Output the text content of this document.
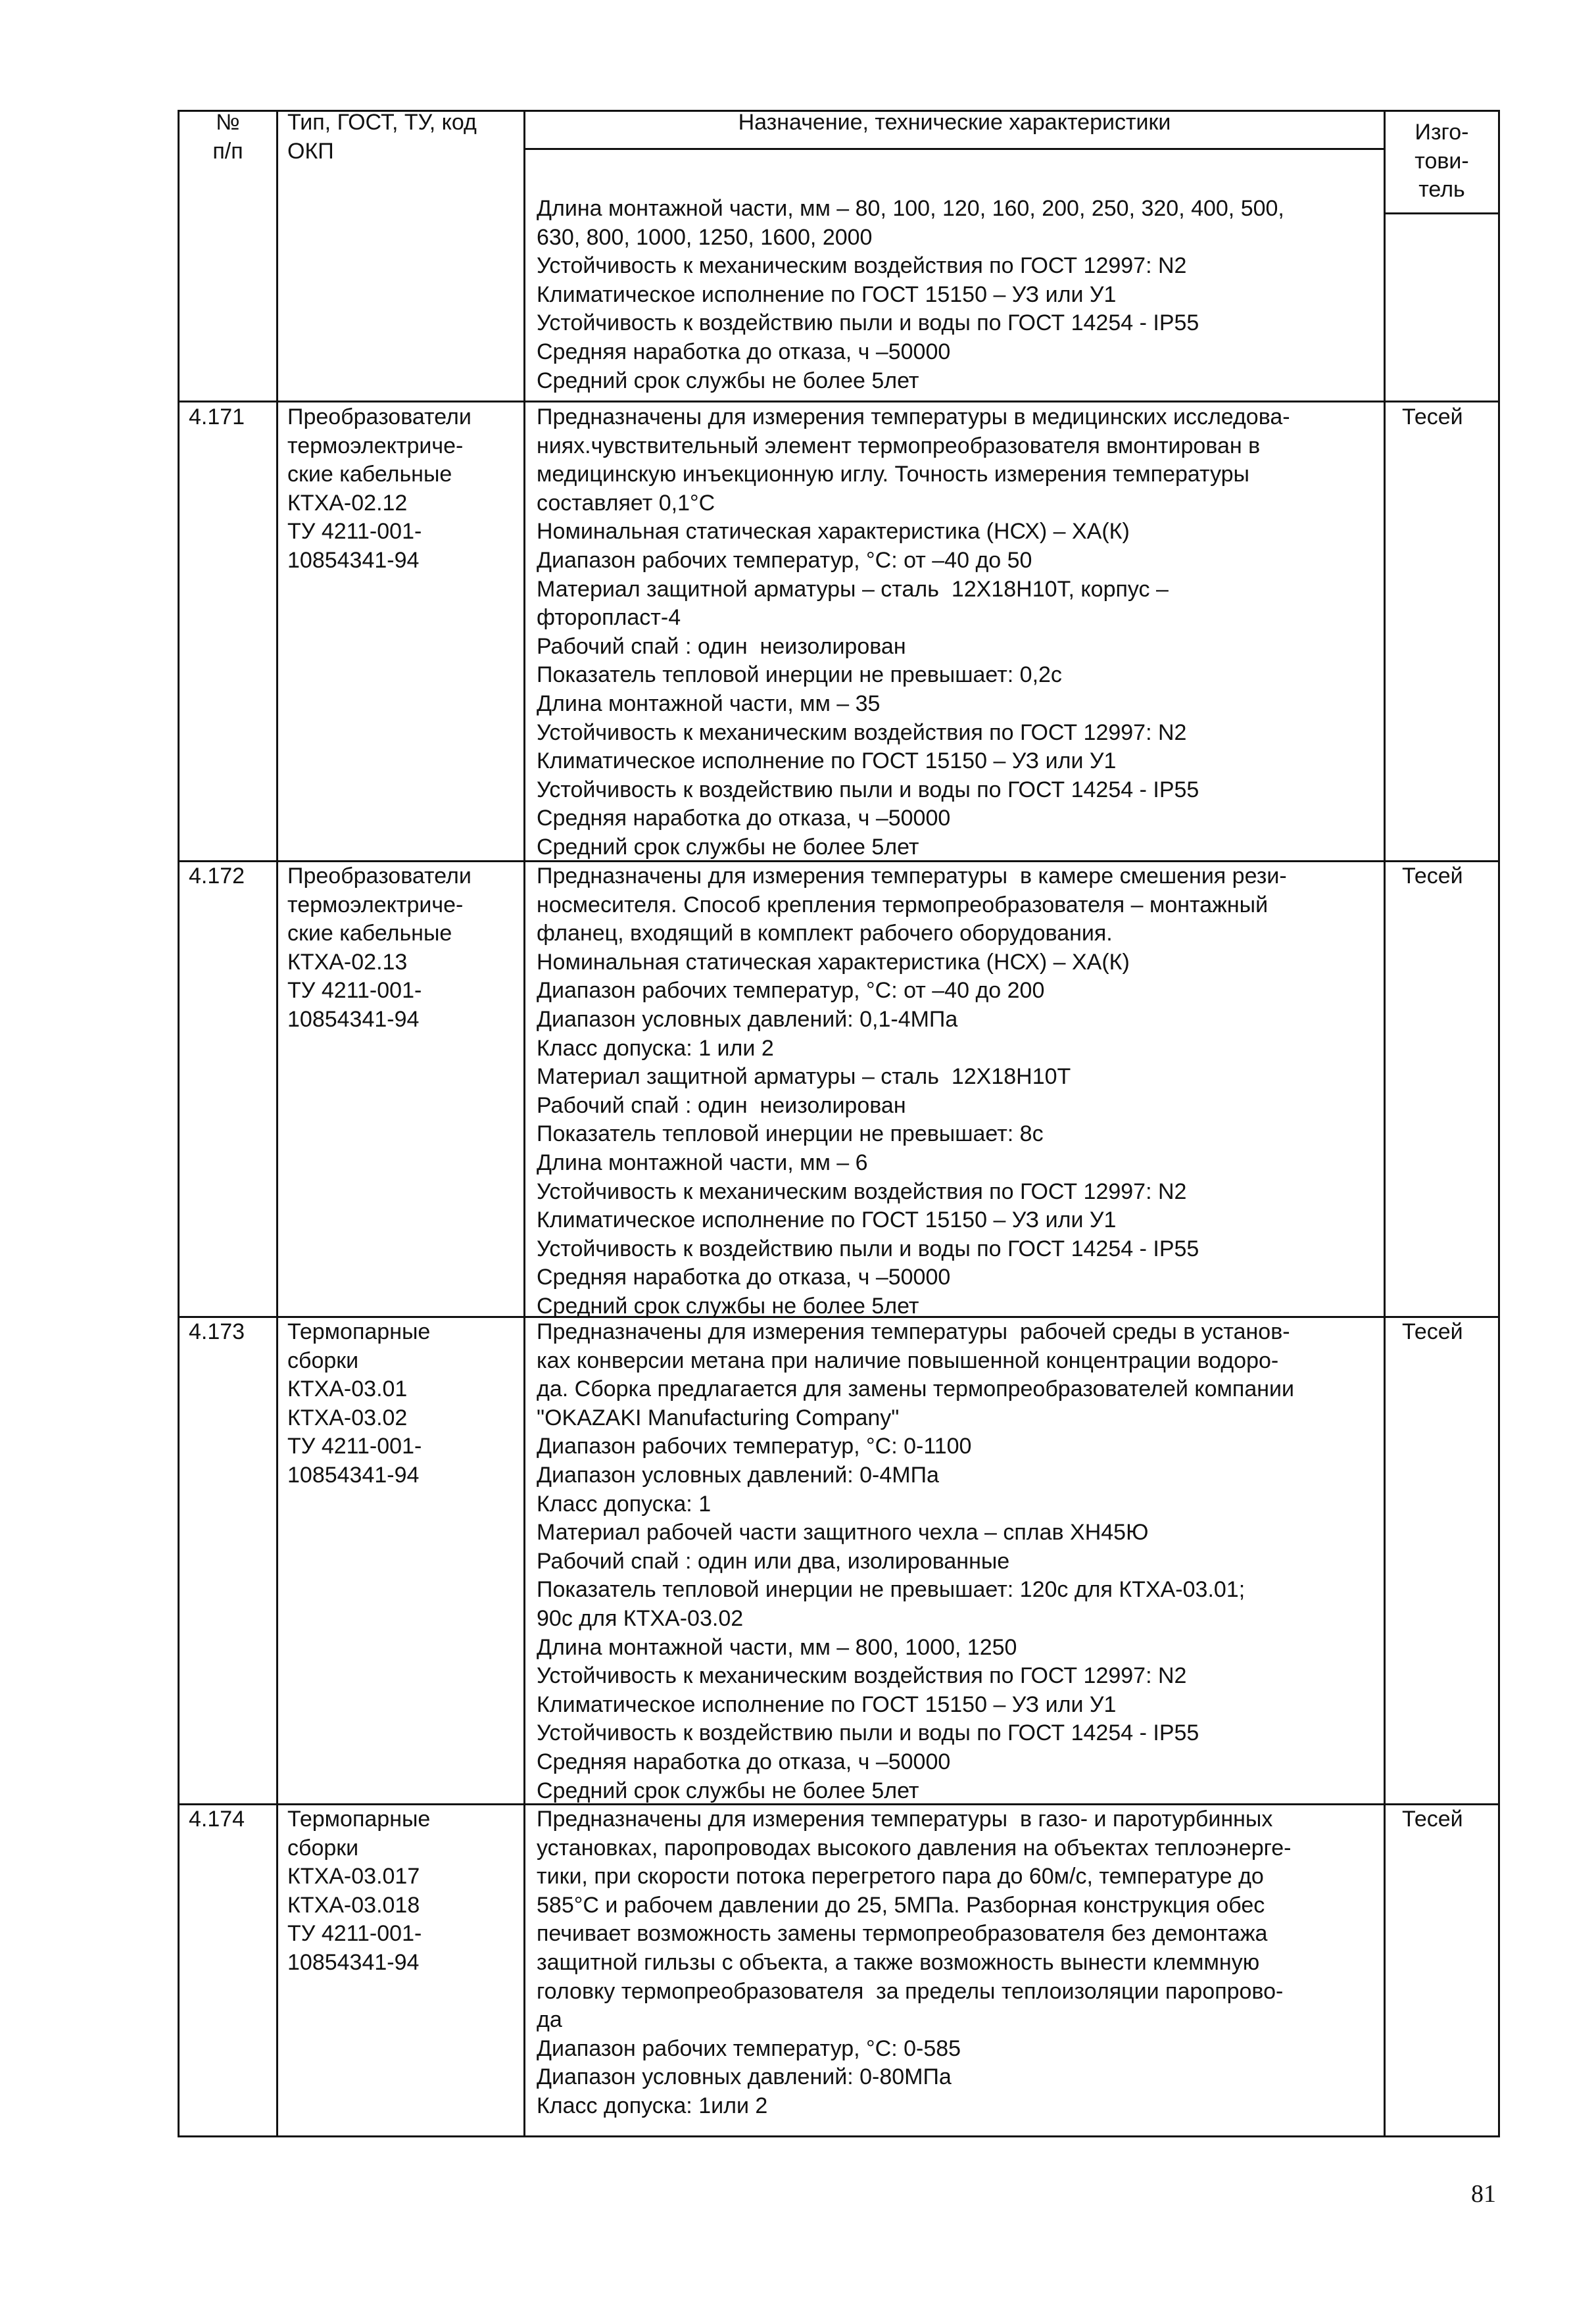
№
п/п
Тип, ГОСТ, ТУ, код
ОКП
Назначение, технические характеристики	Изго-
тови-
тель
Длина монтажной части, мм – 80, 100, 120, 160, 200, 250, 320, 400, 500,
630, 800, 1000, 1250, 1600, 2000
Устойчивость к механическим воздействия по ГОСТ 12997: N2
Климатическое исполнение по ГОСТ 15150 – УЗ или У1
Устойчивость к воздействию пыли и воды по ГОСТ 14254 - IP55
Средняя наработка до отказа, ч –50000
Средний срок службы не более 5лет
4.171 Преобразователи
термоэлектриче-
ские кабельные
КТХА-02.12
ТУ 4211-001-
10854341-94
Предназначены для измерения температуры в медицинских исследова-
ниях.чувствительный элемент термопреобразователя вмонтирован в
медицинскую инъекционную иглу. Точность измерения температуры
составляет 0,1°С
Номинальная статическая характеристика (НСХ) – ХА(К)
Диапазон рабочих температур, °С: от –40 до 50
Материал защитной арматуры – сталь  12Х18Н10Т, корпус –
фторопласт-4
Рабочий спай : один  неизолирован
Показатель тепловой инерции не превышает: 0,2с
Длина монтажной части, мм – 35
Устойчивость к механическим воздействия по ГОСТ 12997: N2
Климатическое исполнение по ГОСТ 15150 – УЗ или У1
Устойчивость к воздействию пыли и воды по ГОСТ 14254 - IP55
Средняя наработка до отказа, ч –50000
Средний срок службы не более 5лет
Тесей
4.172 Преобразователи
термоэлектриче-
ские кабельные
КТХА-02.13
ТУ 4211-001-
10854341-94
Предназначены для измерения температуры  в камере смешения рези-
носмесителя. Способ крепления термопреобразователя – монтажный
фланец, входящий в комплект рабочего оборудования.
Номинальная статическая характеристика (НСХ) – ХА(К)
Диапазон рабочих температур, °С: от –40 до 200
Диапазон условных давлений: 0,1-4МПа
Класс допуска: 1 или 2
Материал защитной арматуры – сталь  12Х18Н10Т
Рабочий спай : один  неизолирован
Показатель тепловой инерции не превышает: 8с
Длина монтажной части, мм – 6
Устойчивость к механическим воздействия по ГОСТ 12997: N2
Климатическое исполнение по ГОСТ 15150 – УЗ или У1
Устойчивость к воздействию пыли и воды по ГОСТ 14254 - IP55
Средняя наработка до отказа, ч –50000
Средний срок службы не более 5лет
Тесей
4.173 Термопарные
сборки
КТХА-03.01
КТХА-03.02
ТУ 4211-001-
10854341-94
Предназначены для измерения температуры  рабочей среды в установ-
ках конверсии метана при наличие повышенной концентрации водоро-
да. Сборка предлагается для замены термопреобразователей компании
"OKAZAKI Manufacturing Company"
Диапазон рабочих температур, °С: 0-1100
Диапазон условных давлений: 0-4МПа
Класс допуска: 1
Материал рабочей части защитного чехла – сплав ХН45Ю
Рабочий спай : один или два, изолированные
Показатель тепловой инерции не превышает: 120с для КТХА-03.01;
90с для КТХА-03.02
Длина монтажной части, мм – 800, 1000, 1250
Устойчивость к механическим воздействия по ГОСТ 12997: N2
Климатическое исполнение по ГОСТ 15150 – УЗ или У1
Устойчивость к воздействию пыли и воды по ГОСТ 14254 - IP55
Средняя наработка до отказа, ч –50000
Средний срок службы не более 5лет
Тесей
4.174 Термопарные
сборки
КТХА-03.017
КТХА-03.018
ТУ 4211-001-
10854341-94
Предназначены для измерения температуры  в газо- и паротурбинных
установках, паропроводах высокого давления на объектах теплоэнерге-
тики, при скорости потока перегретого пара до 60м/с, температуре до
585°С и рабочем давлении до 25, 5МПа. Разборная конструкция обес
печивает возможность замены термопреобразователя без демонтажа
защитной гильзы с объекта, а также возможность вынести клеммную
головку термопреобразователя  за пределы теплоизоляции паропрово-
да
Диапазон рабочих температур, °С: 0-585
Диапазон условных давлений: 0-80МПа
Класс допуска: 1или 2
Тесей
81
